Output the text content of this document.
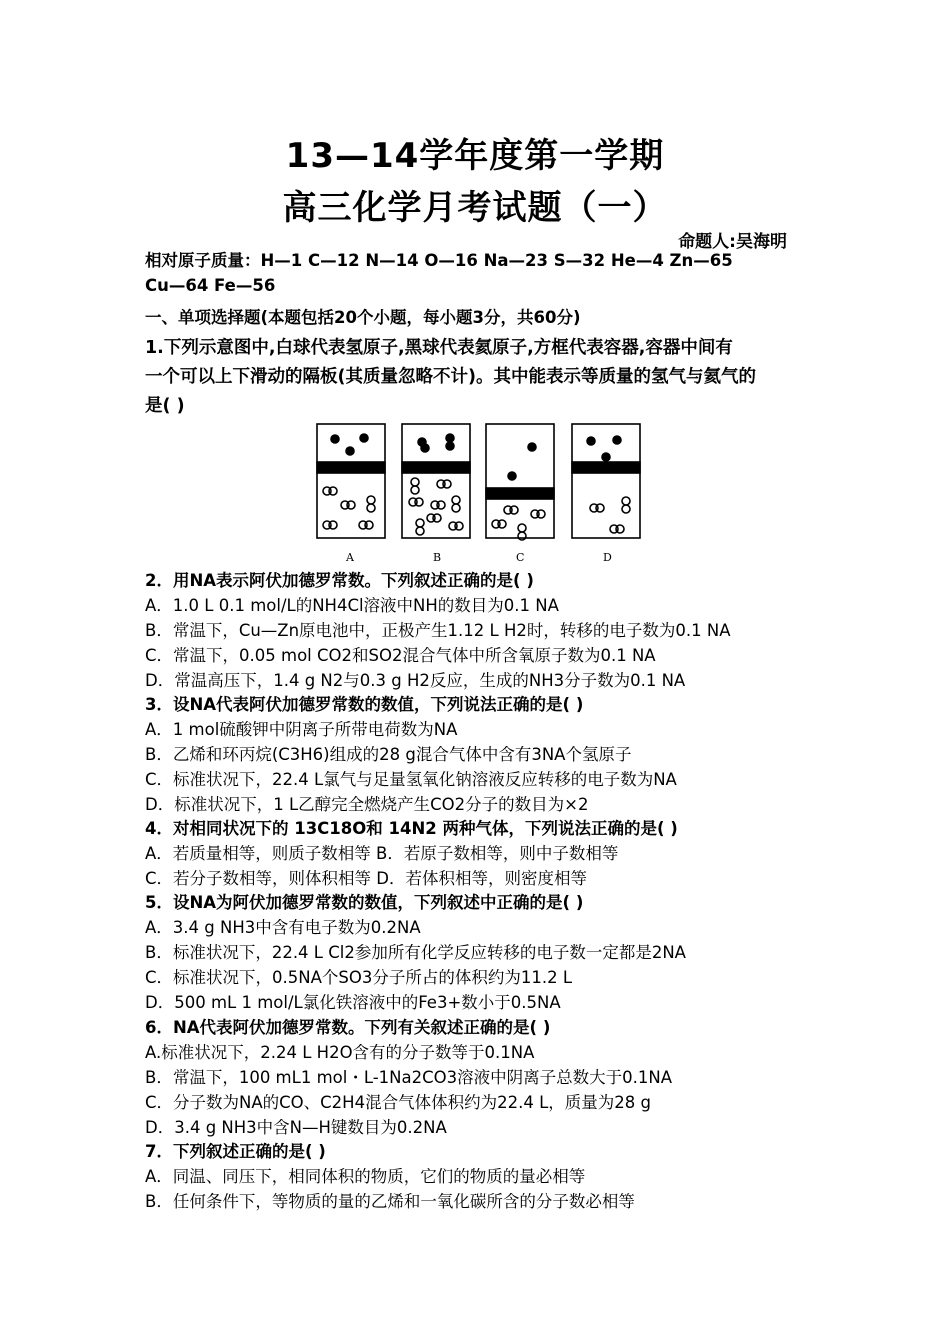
13—14学年度第一学期
高三化学月考试题（一）
命题人:吴海明
相对原子质量：H—1 C—12 N—14 O—16 Na—23 S—32 He—4 Zn—65
Cu—64 Fe—56
一、单项选择题(本题包括20个小题，每小题3分，共60分)
1.下列示意图中,白球代表氢原子,黑球代表氦原子,方框代表容器,容器中间有
一个可以上下滑动的隔板(其质量忽略不计)。其中能表示等质量的氢气与氦气的
是( )
A	B	C	D
2．用NA表示阿伏加德罗常数。下列叙述正确的是( )
A．1.0 L 0.1 mol/L的NH4Cl溶液中NH的数目为0.1 NA
B．常温下，Cu—Zn原电池中，正极产生1.12 L H2时，转移的电子数为0.1 NA
C．常温下，0.05 mol CO2和SO2混合气体中所含氧原子数为0.1 NA
D．常温高压下，1.4 g N2与0.3 g H2反应，生成的NH3分子数为0.1 NA
3．设NA代表阿伏加德罗常数的数值，下列说法正确的是( )
A．1 mol硫酸钾中阴离子所带电荷数为NA
B．乙烯和环丙烷(C3H6)组成的28 g混合气体中含有3NA个氢原子
C．标准状况下，22.4 L氯气与足量氢氧化钠溶液反应转移的电子数为NA
D．标准状况下，1 L乙醇完全燃烧产生CO2分子的数目为×2
4．对相同状况下的 13C18O和 14N2 两种气体，下列说法正确的是( )
A．若质量相等，则质子数相等 B．若原子数相等，则中子数相等
C．若分子数相等，则体积相等 D．若体积相等，则密度相等
5．设NA为阿伏加德罗常数的数值，下列叙述中正确的是( )
A．3.4 g NH3中含有电子数为0.2NA
B．标准状况下，22.4 L Cl2参加所有化学反应转移的电子数一定都是2NA
C．标准状况下，0.5NA个SO3分子所占的体积约为11.2 L
D．500 mL 1 mol/L氯化铁溶液中的Fe3+数小于0.5NA
6．NA代表阿伏加德罗常数。下列有关叙述正确的是( )
A.标准状况下，2.24 L H2O含有的分子数等于0.1NA
B．常温下，100 mL1 mol・L-1Na2CO3溶液中阴离子总数大于0.1NA
C．分子数为NA的CO、C2H4混合气体体积约为22.4 L，质量为28 g
D．3.4 g NH3中含N—H键数目为0.2NA
7．下列叙述正确的是( )
A．同温、同压下，相同体积的物质，它们的物质的量必相等
B．任何条件下，等物质的量的乙烯和一氧化碳所含的分子数必相等
